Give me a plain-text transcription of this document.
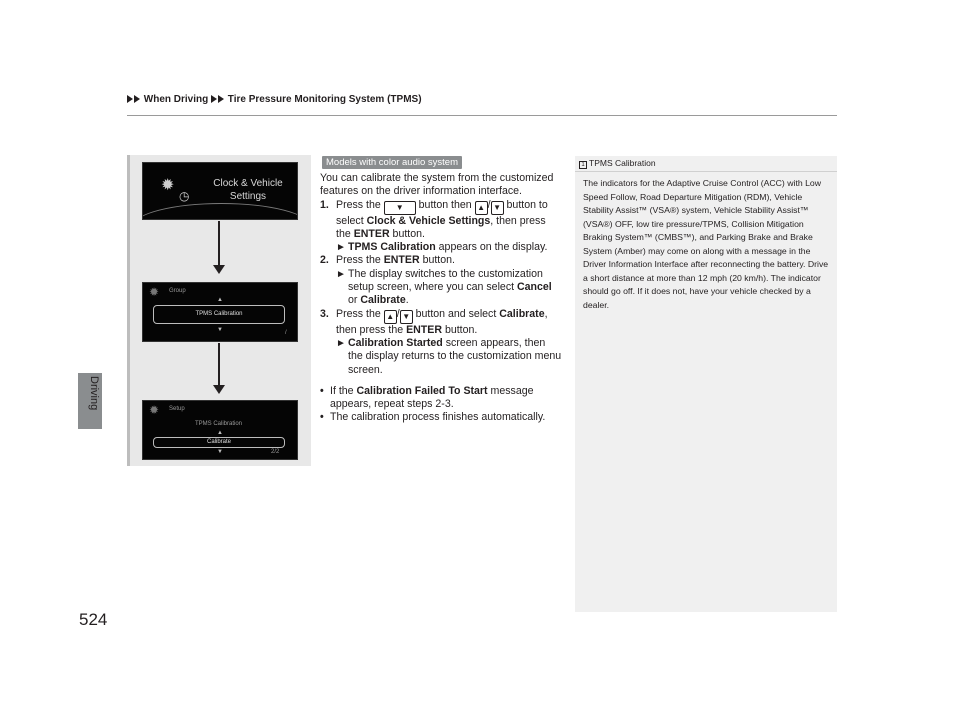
When Driving Tire Pressure Monitoring System (TPMS)
Driving
524
✹
◷
Clock & Vehicle
Settings
✹ Group
▲
TPMS Calibration
▼	/
✹ Setup
TPMS Calibration
▲
Calibrate
▼	2/2
Models with color audio system

You can calibrate the system from the customized features on the driver information interface.

1. Press the ▼ button then ▲ / ▼ button to select Clock & Vehicle Settings, then press the ENTER button.
► TPMS Calibration appears on the display.
2. Press the ENTER button.
► The display switches to the customization setup screen, where you can select Cancel or Calibrate.
3. Press the ▲ / ▼ button and select Calibrate, then press the ENTER button.
► Calibration Started screen appears, then the display returns to the customization menu screen.
• If the Calibration Failed To Start message appears, repeat steps 2-3.
• The calibration process finishes automatically.
1 TPMS Calibration
The indicators for the Adaptive Cruise Control (ACC) with Low Speed Follow, Road Departure Mitigation (RDM), Vehicle Stability Assist™ (VSA®) system, Vehicle Stability Assist™ (VSA®) OFF, low tire pressure/TPMS, Collision Mitigation Braking System™ (CMBS™), and Parking Brake and Brake System (Amber) may come on along with a message in the Driver Information Interface after reconnecting the battery. Drive a short distance at more than 12 mph (20 km/h). The indicator should go off. If it does not, have your vehicle checked by a dealer.
